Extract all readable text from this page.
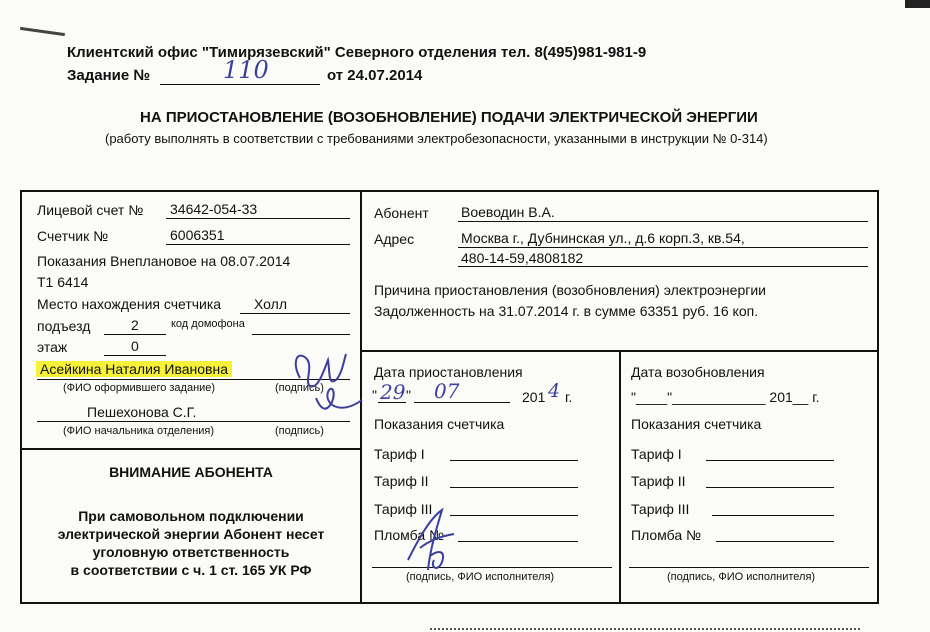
Клиентский офис "Тимирязевский" Северного отделения тел. 8(495)981-981-9
Задание №	110	от 24.07.2014
НА ПРИОСТАНОВЛЕНИЕ (ВОЗОБНОВЛЕНИЕ) ПОДАЧИ ЭЛЕКТРИЧЕСКОЙ ЭНЕРГИИ
(работу выполнять в соответствии с требованиями электробезопасности, указанными в инструкции № 0-314)
Лицевой счет № 34642-054-33
Счетчик №	6006351
Показания Внеплановое на 08.07.2014
Т1 6414
Место нахождения счетчика Холл
подъезд	2	код домофона
этаж	0
Асейкина Наталия Ивановна
(ФИО оформившего задание)	(подпись)
Пешехонова С.Г.
(ФИО начальника отделения)	(подпись)
ВНИМАНИЕ АБОНЕНТА
При самовольном подключении
электрической энергии Абонент несет
уголовную ответственность
в соответствии с ч. 1 ст. 165 УК РФ
Абонент Воеводин В.А.
Адрес	Москва г., Дубнинская ул., д.6 корп.3, кв.54,
480-14-59,4808182
Причина приостановления (возобновления) электроэнергии
Задолженность на 31.07.2014 г. в сумме 63351 руб. 16 коп.
Дата приостановления
" 29 " 07	201 4 г.
Показания счетчика
Тариф I
Тариф II
Тариф III
Пломба №
(подпись, ФИО исполнителя)
Дата возобновления
"____"____________ 201__ г.
Показания счетчика
Тариф I
Тариф II
Тариф III
Пломба №
(подпись, ФИО исполнителя)
